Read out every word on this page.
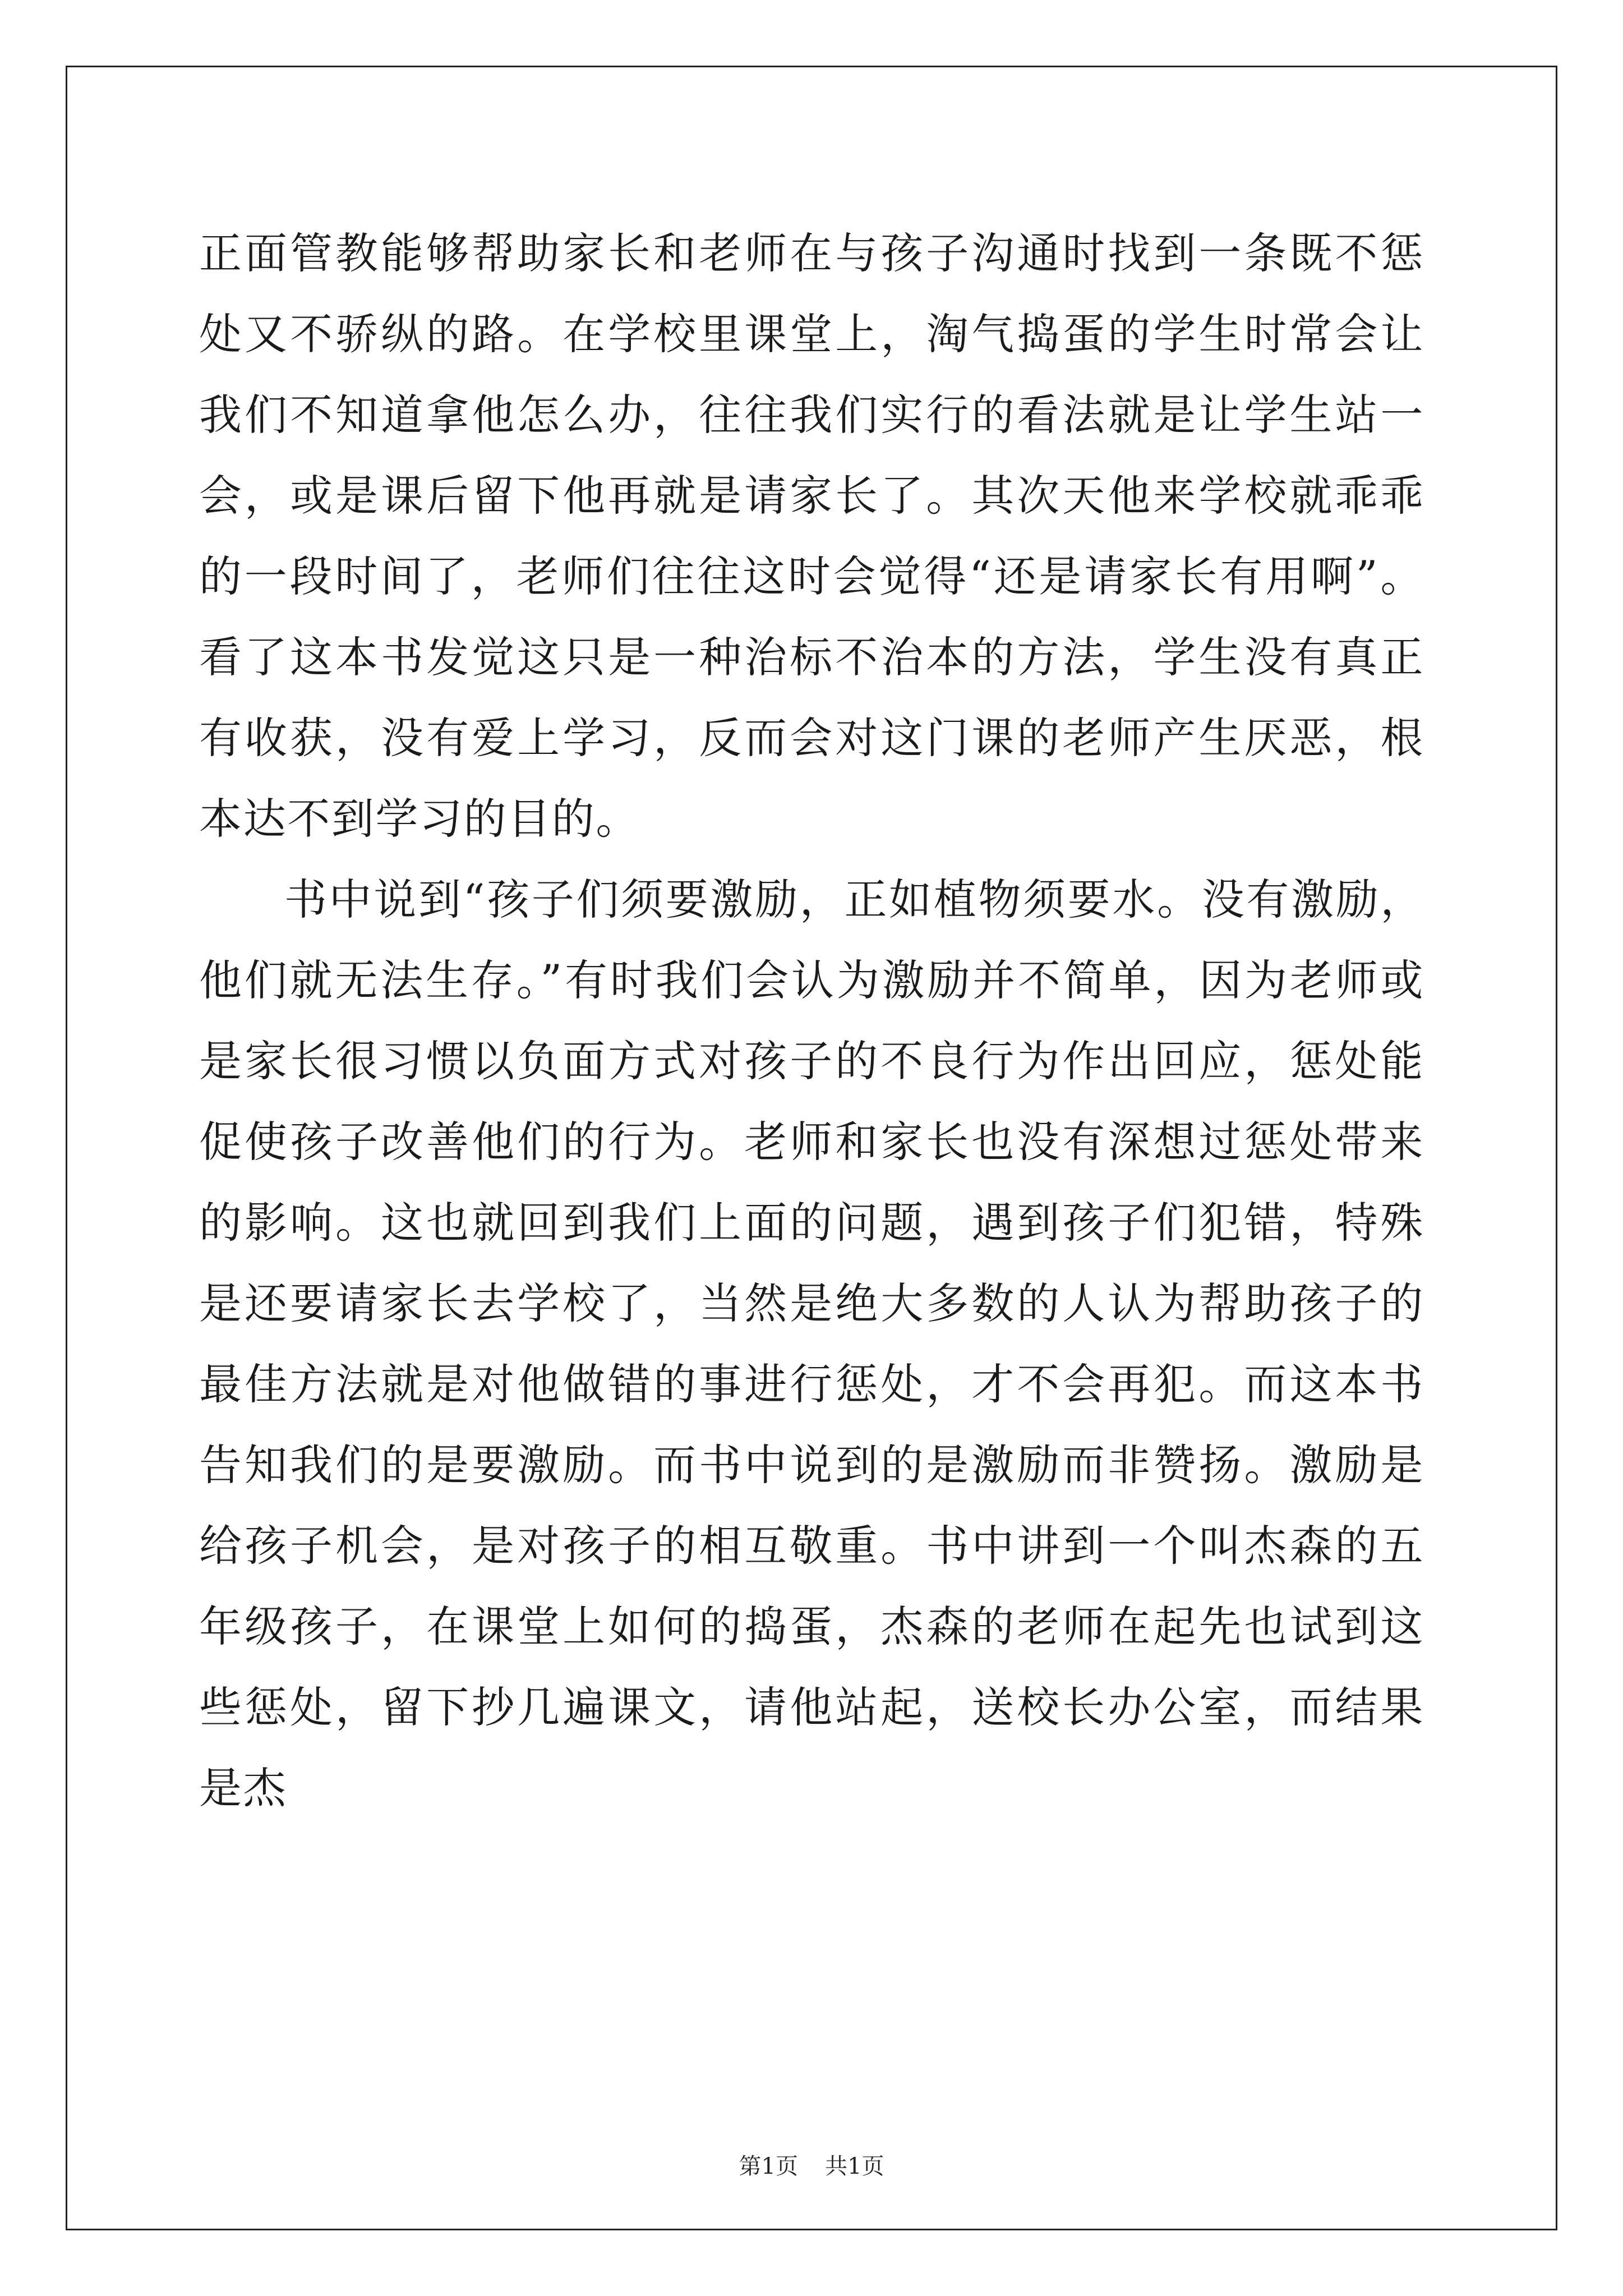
正面管教能够帮助家长和老师在与孩子沟通时找到一条既不惩处又不骄纵的路。在学校里课堂上，淘气捣蛋的学生时常会让我们不知道拿他怎么办，往往我们实行的看法就是让学生站一会，或是课后留下他再就是请家长了。其次天他来学校就乖乖的一段时间了，老师们往往这时会觉得“还是请家长有用啊”。看了这本书发觉这只是一种治标不治本的方法，学生没有真正有收获，没有爱上学习，反而会对这门课的老师产生厌恶，根本达不到学习的目的。

书中说到“孩子们须要激励，正如植物须要水。没有激励，他们就无法生存。”有时我们会认为激励并不简单，因为老师或是家长很习惯以负面方式对孩子的不良行为作出回应，惩处能促使孩子改善他们的行为。老师和家长也没有深想过惩处带来的影响。这也就回到我们上面的问题，遇到孩子们犯错，特殊是还要请家长去学校了，当然是绝大多数的人认为帮助孩子的最佳方法就是对他做错的事进行惩处，才不会再犯。而这本书告知我们的是要激励。而书中说到的是激励而非赞扬。激励是给孩子机会，是对孩子的相互敬重。书中讲到一个叫杰森的五年级孩子，在课堂上如何的捣蛋，杰森的老师在起先也试到这些惩处，留下抄几遍课文，请他站起，送校长办公室，而结果是杰

第1页 共1页
